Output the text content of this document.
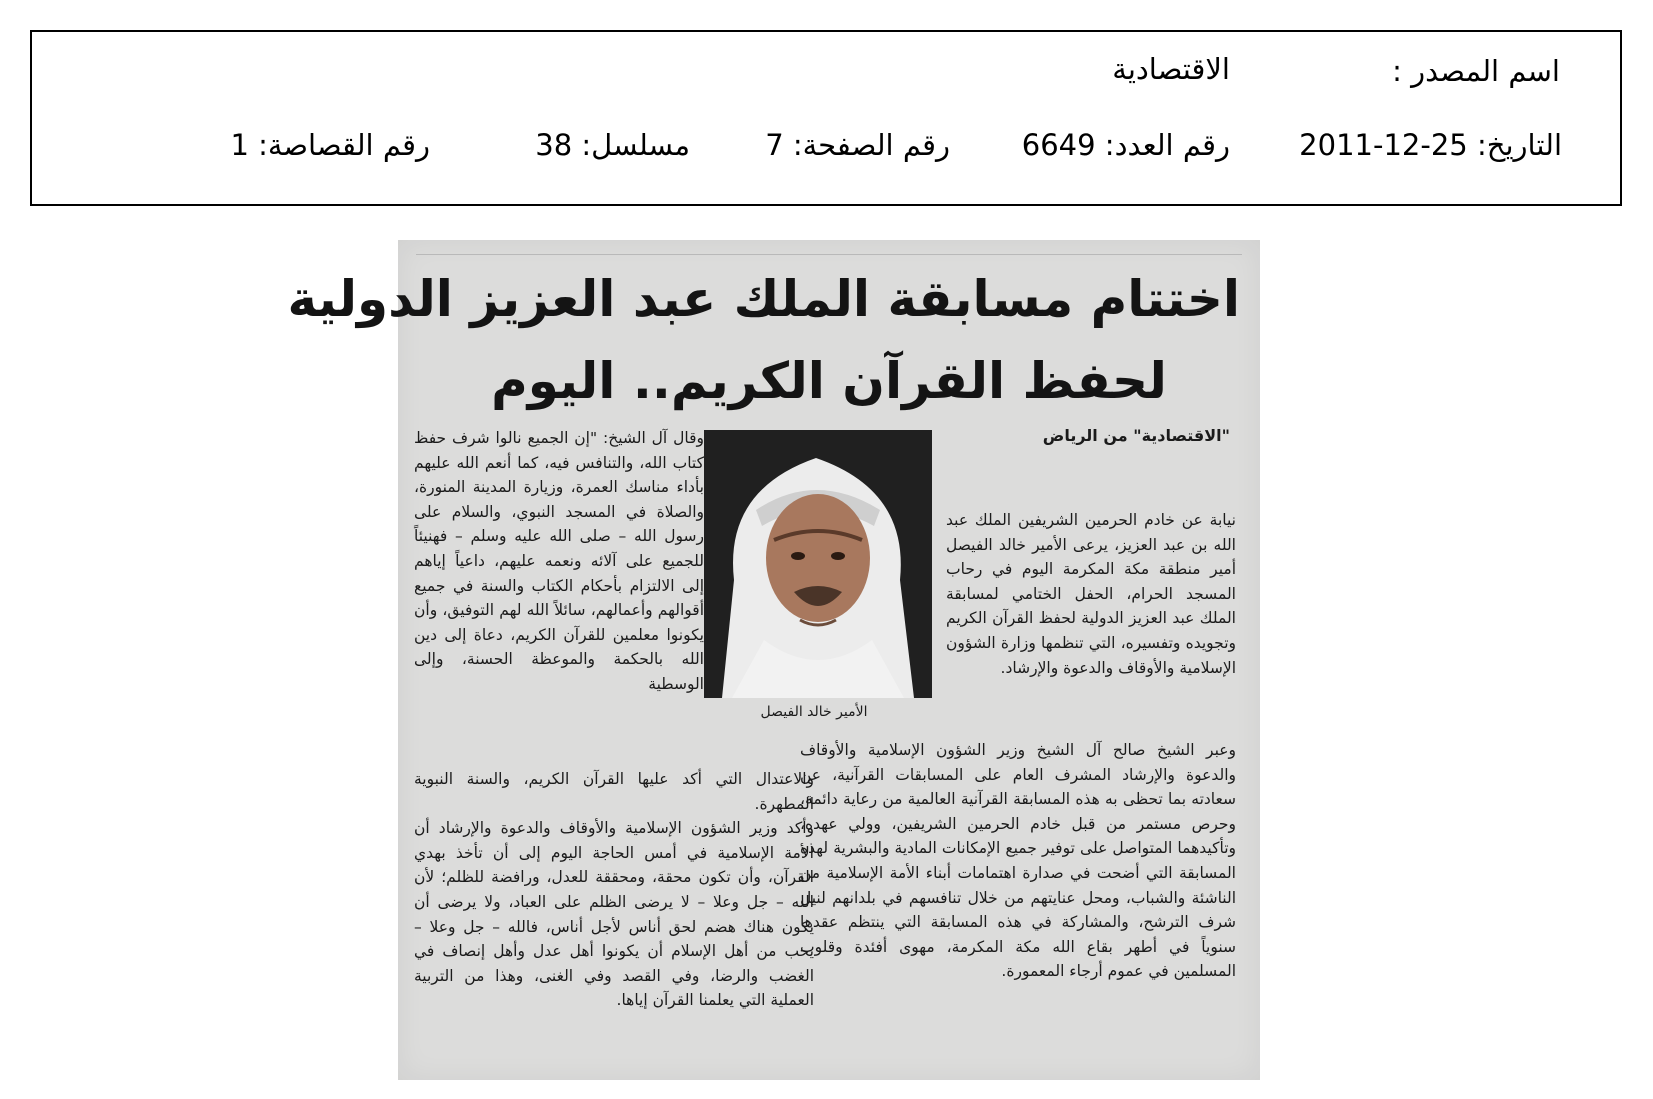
اسم المصدر :
الاقتصادية
التاريخ: 25-12-2011
رقم العدد: 6649
رقم الصفحة: 7
مسلسل: 38
رقم القصاصة: 1
اختتام مسابقة الملك عبد العزيز الدولية
لحفظ القرآن الكريم.. اليوم
"الاقتصادية" من الرياض

نيابة عن خادم الحرمين الشريفين الملك عبد الله بن عبد العزيز، يرعى الأمير خالد الفيصل أمير منطقة مكة المكرمة اليوم في رحاب المسجد الحرام، الحفل الختامي لمسابقة الملك عبد العزيز الدولية لحفظ القرآن الكريم وتجويده وتفسيره، التي تنظمها وزارة الشؤون الإسلامية والأوقاف والدعوة والإرشاد.

وعبر الشيخ صالح آل الشيخ وزير الشؤون الإسلامية والأوقاف والدعوة والإرشاد المشرف العام على المسابقات القرآنية، عن سعادته بما تحظى به هذه المسابقة القرآنية العالمية من رعاية دائمة، وحرص مستمر من قبل خادم الحرمين الشريفين، وولي عهده، وتأكيدهما المتواصل على توفير جميع الإمكانات المادية والبشرية لهذه المسابقة التي أضحت في صدارة اهتمامات أبناء الأمة الإسلامية من الناشئة والشباب، ومحل عنايتهم من خلال تنافسهم في بلدانهم لنيل شرف الترشح، والمشاركة في هذه المسابقة التي ينتظم عقدها سنوياً في أطهر بقاع الله مكة المكرمة، مهوى أفئدة وقلوب المسلمين في عموم أرجاء المعمورة.

الأمير خالد الفيصل

وقال آل الشيخ: "إن الجميع نالوا شرف حفظ كتاب الله، والتنافس فيه، كما أنعم الله عليهم بأداء مناسك العمرة، وزيارة المدينة المنورة، والصلاة في المسجد النبوي، والسلام على رسول الله – صلى الله عليه وسلم – فهنيئاً للجميع على آلائه ونعمه عليهم، داعياً إياهم إلى الالتزام بأحكام الكتاب والسنة في جميع أقوالهم وأعمالهم، سائلاً الله لهم التوفيق، وأن يكونوا معلمين للقرآن الكريم، دعاة إلى دين الله بالحكمة والموعظة الحسنة، وإلى الوسطية

والاعتدال التي أكد عليها القرآن الكريم، والسنة النبوية المطهرة.

وأكد وزير الشؤون الإسلامية والأوقاف والدعوة والإرشاد أن الأمة الإسلامية في أمس الحاجة اليوم إلى أن تأخذ بهدي القرآن، وأن تكون محقة، ومحققة للعدل، ورافضة للظلم؛ لأن الله – جل وعلا – لا يرضى الظلم على العباد، ولا يرضى أن يكون هناك هضم لحق أناس لأجل أناس، فالله – جل وعلا – يحب من أهل الإسلام أن يكونوا أهل عدل وأهل إنصاف في الغضب والرضا، وفي القصد وفي الغنى، وهذا من التربية العملية التي يعلمنا القرآن إياها.
